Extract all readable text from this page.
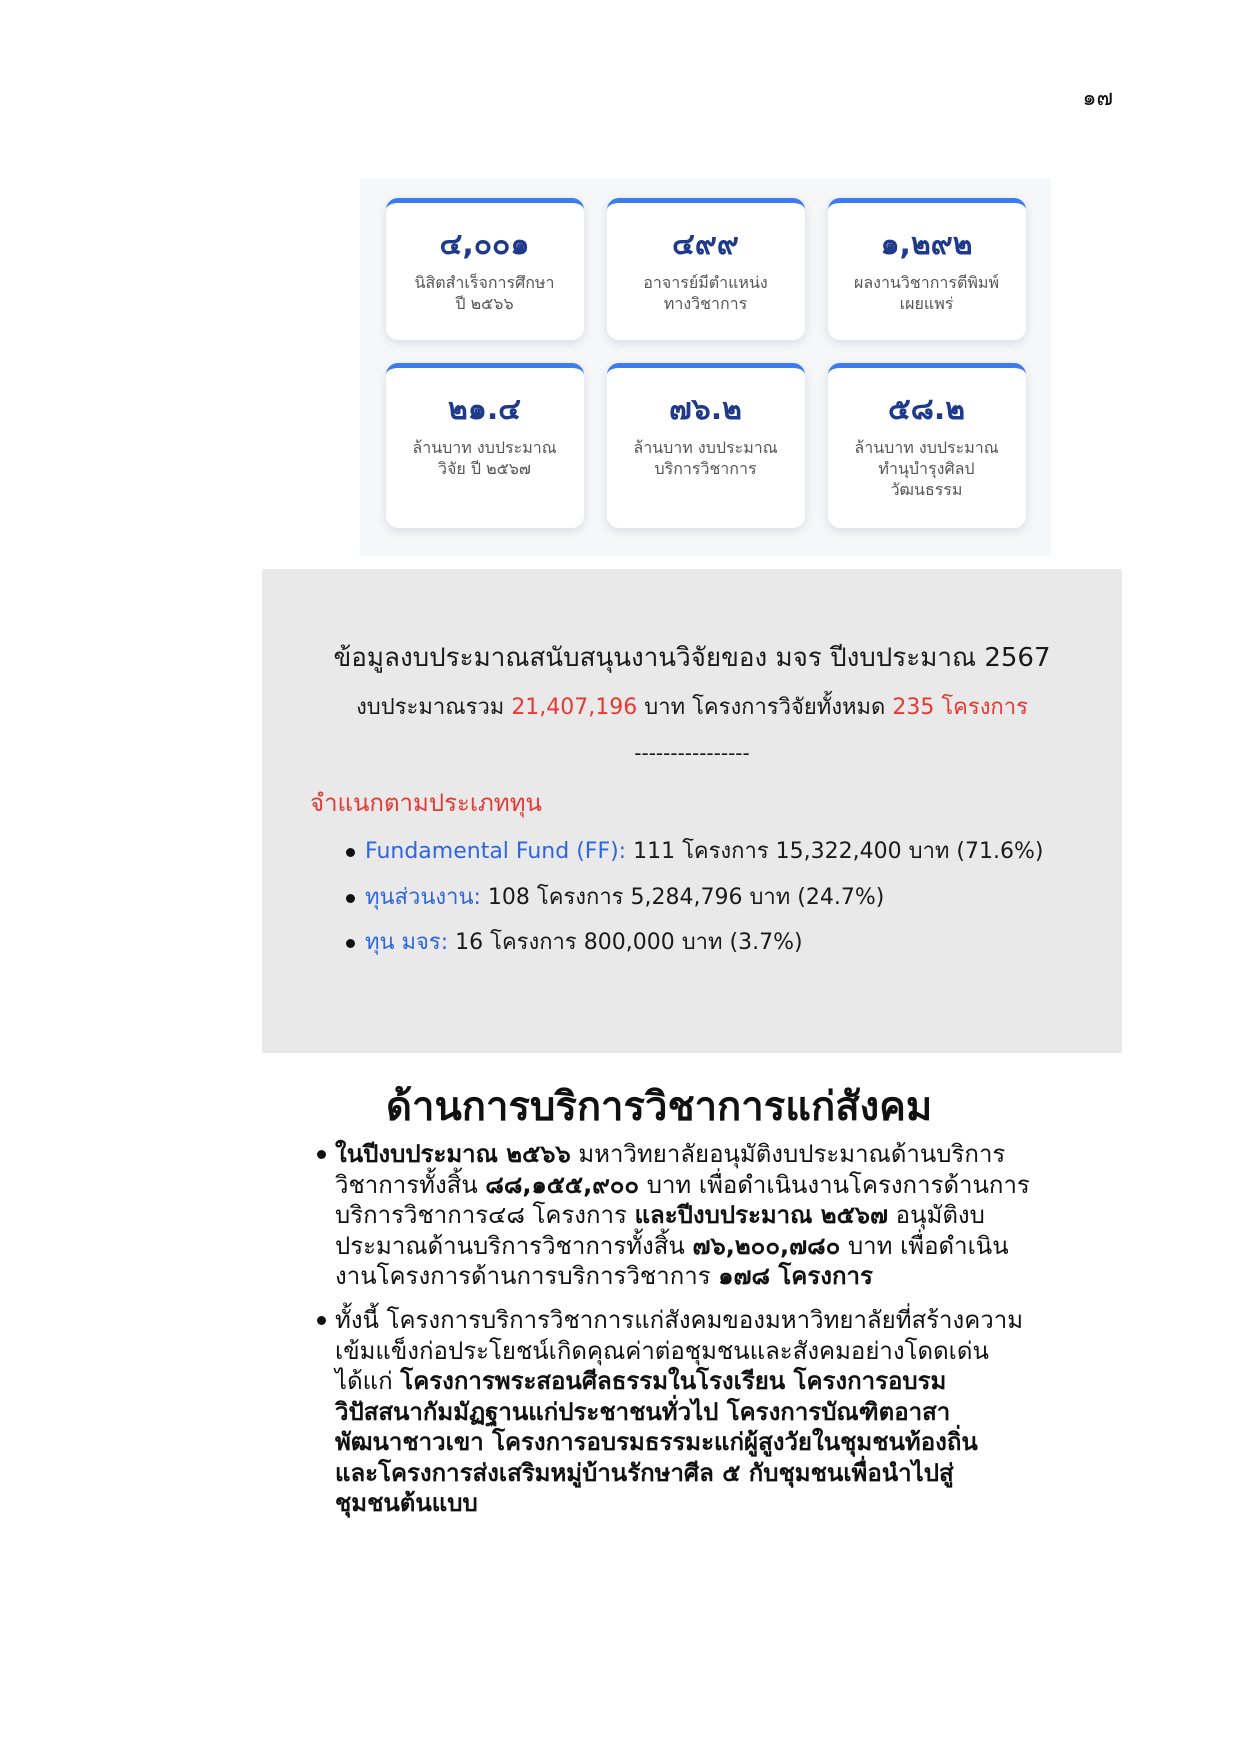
๑๗
๔,๐๐๑
นิสิตสำเร็จการศึกษา
ปี ๒๕๖๖
๔๙๙
อาจารย์มีตำแหน่ง
ทางวิชาการ
๑,๒๙๒
ผลงานวิชาการตีพิมพ์
เผยแพร่
๒๑.๔
ล้านบาท งบประมาณ
วิจัย ปี ๒๕๖๗
๗๖.๒
ล้านบาท งบประมาณ
บริการวิชาการ
๕๘.๒
ล้านบาท งบประมาณ
ทำนุบำรุงศิลป
วัฒนธรรม
ข้อมูลงบประมาณสนับสนุนงานวิจัยของ มจร ปีงบประมาณ 2567
งบประมาณรวม 21,407,196 บาท โครงการวิจัยทั้งหมด 235 โครงการ
----------------
จำแนกตามประเภททุน
Fundamental Fund (FF): 111 โครงการ 15,322,400 บาท (71.6%)
ทุนส่วนงาน: 108 โครงการ 5,284,796 บาท (24.7%)
ทุน มจร: 16 โครงการ 800,000 บาท (3.7%)
ด้านการบริการวิชาการแก่สังคม
ในปีงบประมาณ ๒๕๖๖ มหาวิทยาลัยอนุมัติงบประมาณด้านบริการ
วิชาการทั้งสิ้น ๘๘,๑๕๕,๙๐๐ บาท เพื่อดำเนินงานโครงการด้านการ
บริการวิชาการ๔๘ โครงการ และปีงบประมาณ ๒๕๖๗ อนุมัติงบ
ประมาณด้านบริการวิชาการทั้งสิ้น ๗๖,๒๐๐,๗๘๐ บาท เพื่อดำเนิน
งานโครงการด้านการบริการวิชาการ ๑๗๘ โครงการ
ทั้งนี้ โครงการบริการวิชาการแก่สังคมของมหาวิทยาลัยที่สร้างความ
เข้มแข็งก่อประโยชน์เกิดคุณค่าต่อชุมชนและสังคมอย่างโดดเด่น
ได้แก่ โครงการพระสอนศีลธรรมในโรงเรียน โครงการอบรม
วิปัสสนากัมมัฏฐานแก่ประชาชนทั่วไป โครงการบัณฑิตอาสา
พัฒนาชาวเขา โครงการอบรมธรรมะแก่ผู้สูงวัยในชุมชนท้องถิ่น
และโครงการส่งเสริมหมู่บ้านรักษาศีล ๕ กับชุมชนเพื่อนำไปสู่
ชุมชนต้นแบบ
